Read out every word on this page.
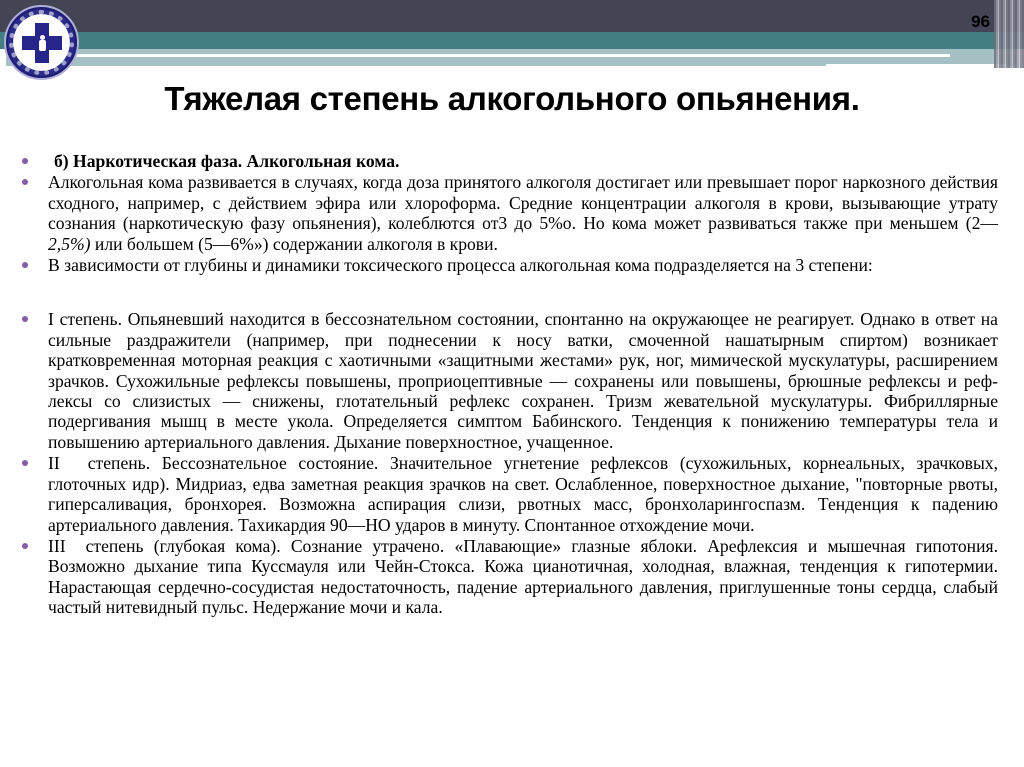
96
Тяжелая степень алкогольного опьянения.
б) Наркотическая фаза. Алкогольная кома.
Алкогольная кома развивается в случаях, когда доза принятого алкоголя достигает или превышает порог наркозного действия сходного, например, с действием эфира или хлороформа. Средние концентрации алкоголя в крови, вызывающие утрату сознания (наркотическую фазу опьянения), колеблются от3 до 5%о. Но кома может развиваться также при меньшем (2—2,5%) или большем (5—6%») содержании алкоголя в крови.
В зависимости от глубины и динамики токсического процесса алкогольная кома подразделяется на 3 степени:
I степень. Опьяневший находится в бессознательном состоянии, спонтанно на окружающее не реагирует. Однако в ответ на сильные раздражители (например, при поднесении к носу ватки, смоченной нашатырным спиртом) возникает кратковременная моторная реакция с хаотичными «защитными жестами» рук, ног, мимической мускулатуры, расширением зрачков. Сухожильные рефлексы повышены, проприоцептивные — сохранены или повышены, брюшные рефлексы и реф-лексы со слизистых — снижены, глотательный рефлекс сохранен. Тризм жевательной мускулатуры. Фибриллярные подергивания мышц в месте укола. Определяется симптом Бабинского. Тенденция к понижению температуры тела и повышению артериального давления. Дыхание поверхностное, учащенное.
II степень. Бессознательное состояние. Значительное угнетение рефлексов (сухожильных, корнеальных, зрачковых, глоточных идр). Мидриаз, едва заметная реакция зрачков на свет. Ослабленное, поверхностное дыхание, "повторные рвоты, гиперсаливация, бронхорея. Возможна аспирация слизи, рвотных масс, бронхоларингоспазм. Тенденция к падению артериального давления. Тахикардия 90—НО ударов в минуту. Спонтанное отхождение мочи.
III степень (глубокая кома). Сознание утрачено. «Плавающие» глазные яблоки. Арефлексия и мышечная гипотония. Возможно дыхание типа Куссмауля или Чейн-Стокса. Кожа цианотичная, холодная, влажная, тенденция к гипотермии. Нарастающая сердечно-сосудистая недостаточность, падение артериального давления, приглушенные тоны сердца, слабый частый нитевидный пульс. Недержание мочи и кала.
